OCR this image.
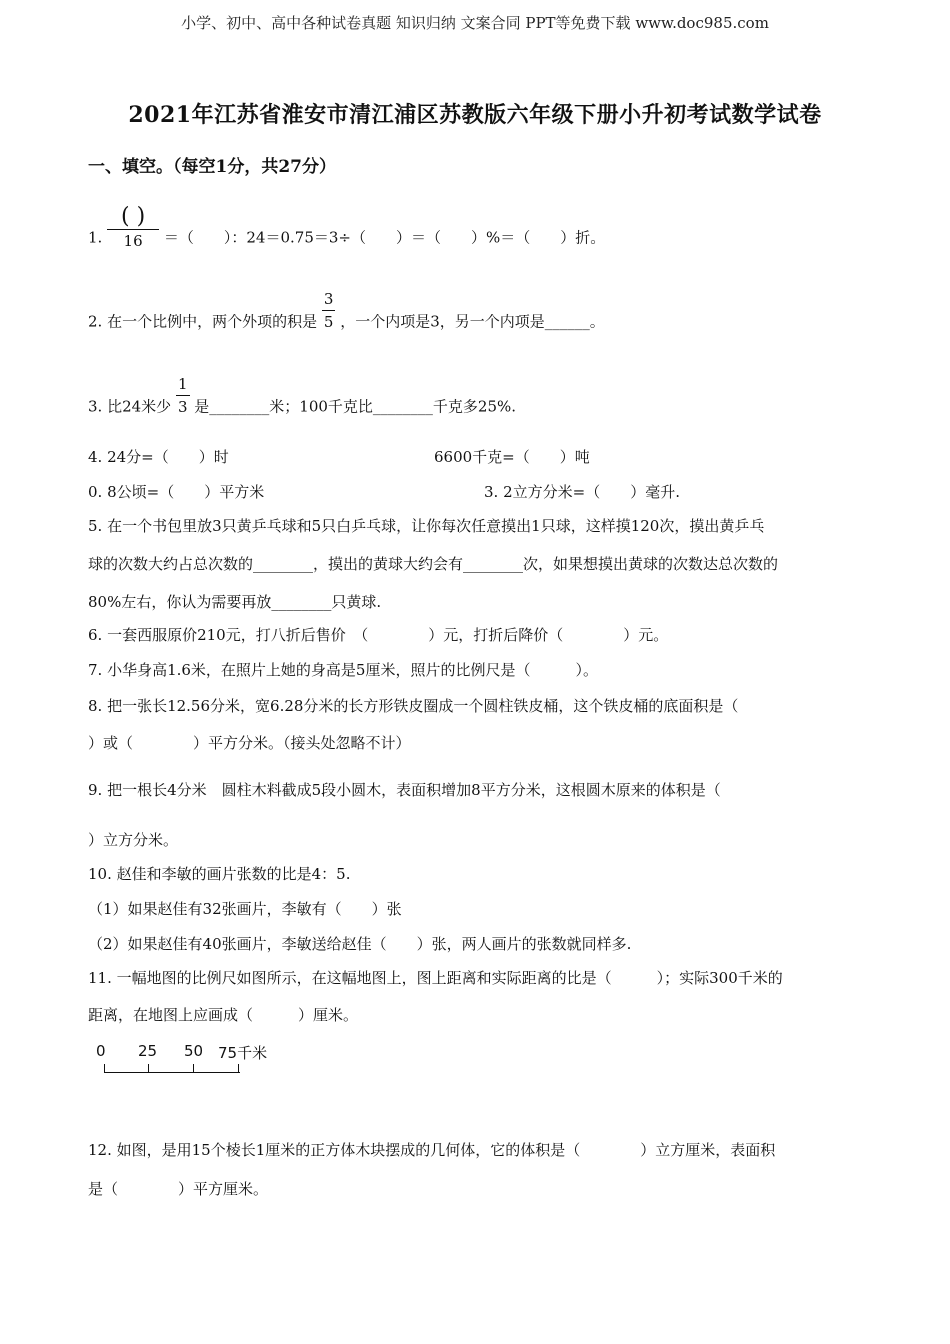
小学、初中、高中各种试卷真题 知识归纳 文案合同 PPT等免费下载 www.doc985.com
2021年江苏省淮安市清江浦区苏教版六年级下册小升初考试数学试卷
一、填空。（每空1分，共27分）
1. $\frac{( )}{16}$ ＝（　　）：24＝0.75＝3÷（　　）＝（　　）%＝（　　）折。
2. 在一个比例中，两个外项的积是 $\frac{3}{5}$ ，一个内项是3，另一个内项是______。
3. 比24米少 $\frac{1}{3}$ 是________米；100千克比________千克多25%.
4. 24分=（　　）时	6600千克=（　　）吨
0. 8公顷=（　　）平方米	3. 2立方分米=（　　）毫升.
5. 在一个书包里放3只黄乒乓球和5只白乒乓球，让你每次任意摸出1只球，这样摸120次，摸出黄乒乓
球的次数大约占总次数的________，摸出的黄球大约会有________次，如果想摸出黄球的次数达总次数的
80%左右，你认为需要再放________只黄球.
6. 一套西服原价210元，打八折后售价　（　　　　）元，打折后降价（　　　　）元。
7. 小华身高1.6米，在照片上她的身高是5厘米，照片的比例尺是（　　　）。
8. 把一张长12.56分米，宽6.28分米的长方形铁皮圈成一个圆柱铁皮桶，这个铁皮桶的底面积是（
）或（　　　　）平方分米。（接头处忽略不计）
9. 把一根长4分米　圆柱木料截成5段小圆木，表面积增加8平方分米，这根圆木原来的体积是（
）立方分米。
10. 赵佳和李敏的画片张数的比是4：5.
（1）如果赵佳有32张画片，李敏有（　　）张
（2）如果赵佳有40张画片，李敏送给赵佳（　　）张，两人画片的张数就同样多.
11. 一幅地图的比例尺如图所示，在这幅地图上，图上距离和实际距离的比是（　　　）；实际300千米的
距离，在地图上应画成（　　　）厘米。
0 25 50 75千米
12. 如图，是用15个棱长1厘米的正方体木块摆成的几何体，它的体积是（　　　　）立方厘米，表面积
是（　　　　）平方厘米。
